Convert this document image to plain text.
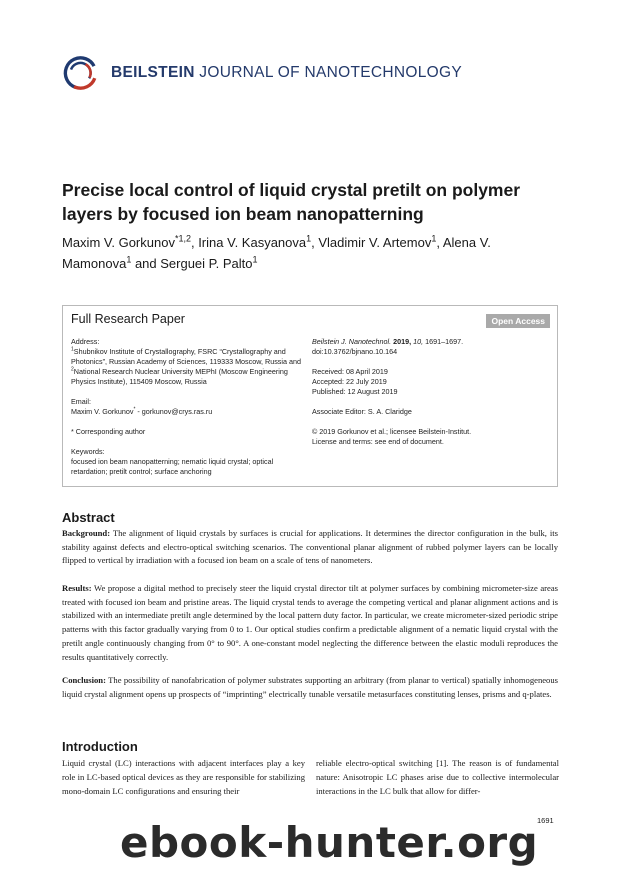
BEILSTEIN JOURNAL OF NANOTECHNOLOGY
Precise local control of liquid crystal pretilt on polymer layers by focused ion beam nanopatterning
Maxim V. Gorkunov$^{*1,2}$, Irina V. Kasyanova$^1$, Vladimir V. Artemov$^1$, Alena V. Mamonova$^1$ and Serguei P. Palto$^1$
Full Research Paper	Open Access
Address:
$^1$Shubnikov Institute of Crystallography, FSRC “Crystallography and Photonics”, Russian Academy of Sciences, 119333 Moscow, Russia and $^2$National Research Nuclear University MEPhI (Moscow Engineering Physics Institute), 115409 Moscow, Russia
Email:
Maxim V. Gorkunov* - gorkunov@crys.ras.ru
* Corresponding author
Keywords:
focused ion beam nanopatterning; nematic liquid crystal; optical retardation; pretilt control; surface anchoring
Beilstein J. Nanotechnol. 2019, 10, 1691–1697.
doi:10.3762/bjnano.10.164
Received: 08 April 2019
Accepted: 22 July 2019
Published: 12 August 2019
Associate Editor: S. A. Claridge
© 2019 Gorkunov et al.; licensee Beilstein-Institut.
License and terms: see end of document.
Abstract

Background: The alignment of liquid crystals by surfaces is crucial for applications. It determines the director configuration in the bulk, its stability against defects and electro-optical switching scenarios. The conventional planar alignment of rubbed polymer layers can be locally flipped to vertical by irradiation with a focused ion beam on a scale of tens of nanometers.

Results: We propose a digital method to precisely steer the liquid crystal director tilt at polymer surfaces by combining micrometer-size areas treated with focused ion beam and pristine areas. The liquid crystal tends to average the competing vertical and planar alignment actions and is stabilized with an intermediate pretilt angle determined by the local pattern duty factor. In particular, we create micrometer-sized periodic stripe patterns with this factor gradually varying from 0 to 1. Our optical studies confirm a predictable alignment of a nematic liquid crystal with the pretilt angle continuously changing from 0° to 90°. A one-constant model neglecting the difference between the elastic moduli reproduces the results quantitatively correctly.

Conclusion: The possibility of nanofabrication of polymer substrates supporting an arbitrary (from planar to vertical) spatially inhomogeneous liquid crystal alignment opens up prospects of “imprinting” electrically tunable versatile metasurfaces constituting lenses, prisms and q-plates.

Introduction

Liquid crystal (LC) interactions with adjacent interfaces play a key role in LC-based optical devices as they are responsible for stabilizing mono-domain LC configurations and ensuring their

reliable electro-optical switching [1]. The reason is of fundamental nature: Anisotropic LC phases arise due to collective intermolecular interactions in the LC bulk that allow for differ-

1691
ebook-hunter.org
